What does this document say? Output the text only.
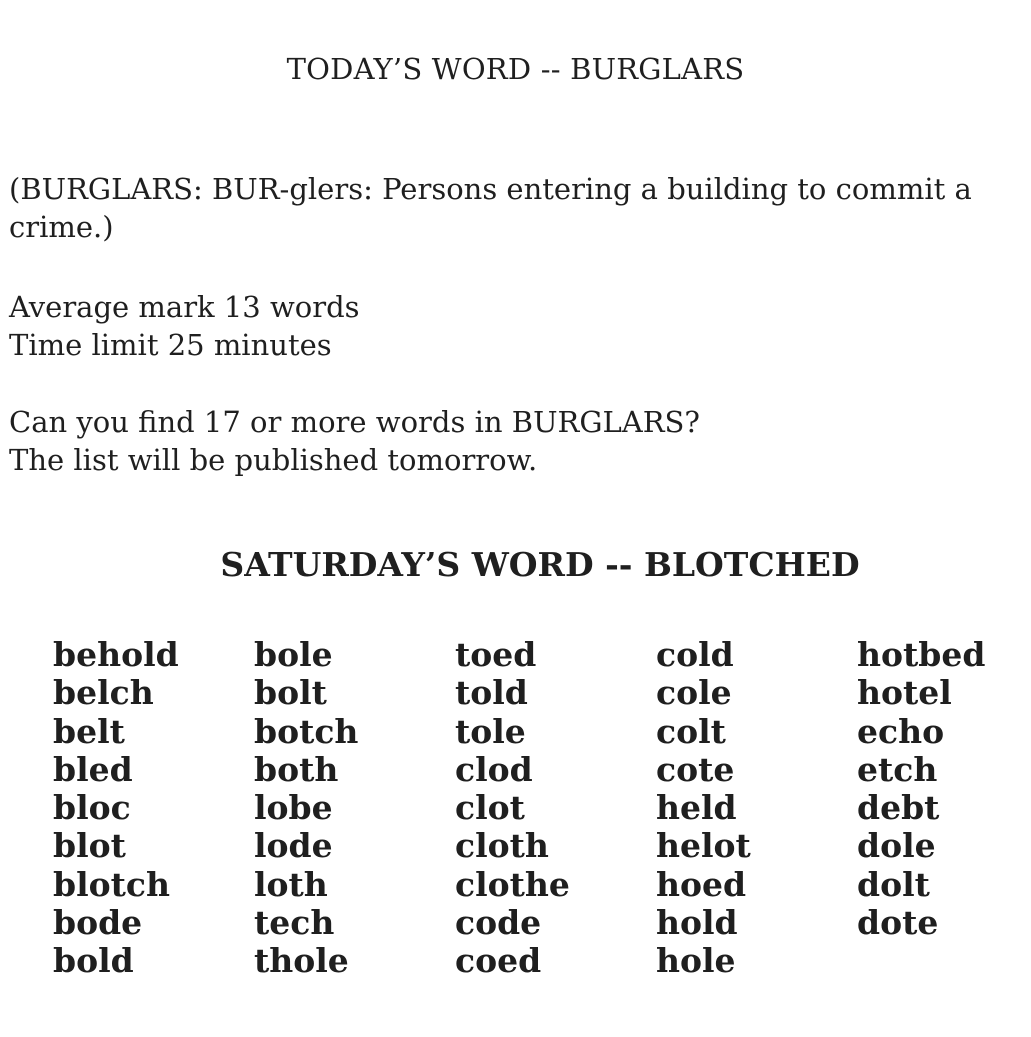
TODAY’S WORD -- BURGLARS
(BURGLARS: BUR-glers: Persons entering a building to commit a crime.)
Average mark 13 words
Time limit 25 minutes
Can you find 17 or more words in BURGLARS?
The list will be published tomorrow.
SATURDAY’S WORD -- BLOTCHED
behold
belch
belt
bled
bloc
blot
blotch
bode
bold
bole
bolt
botch
both
lobe
lode
loth
tech
thole
toed
told
tole
clod
clot
cloth
clothe
code
coed
cold
cole
colt
cote
held
helot
hoed
hold
hole
hotbed
hotel
echo
etch
debt
dole
dolt
dote
